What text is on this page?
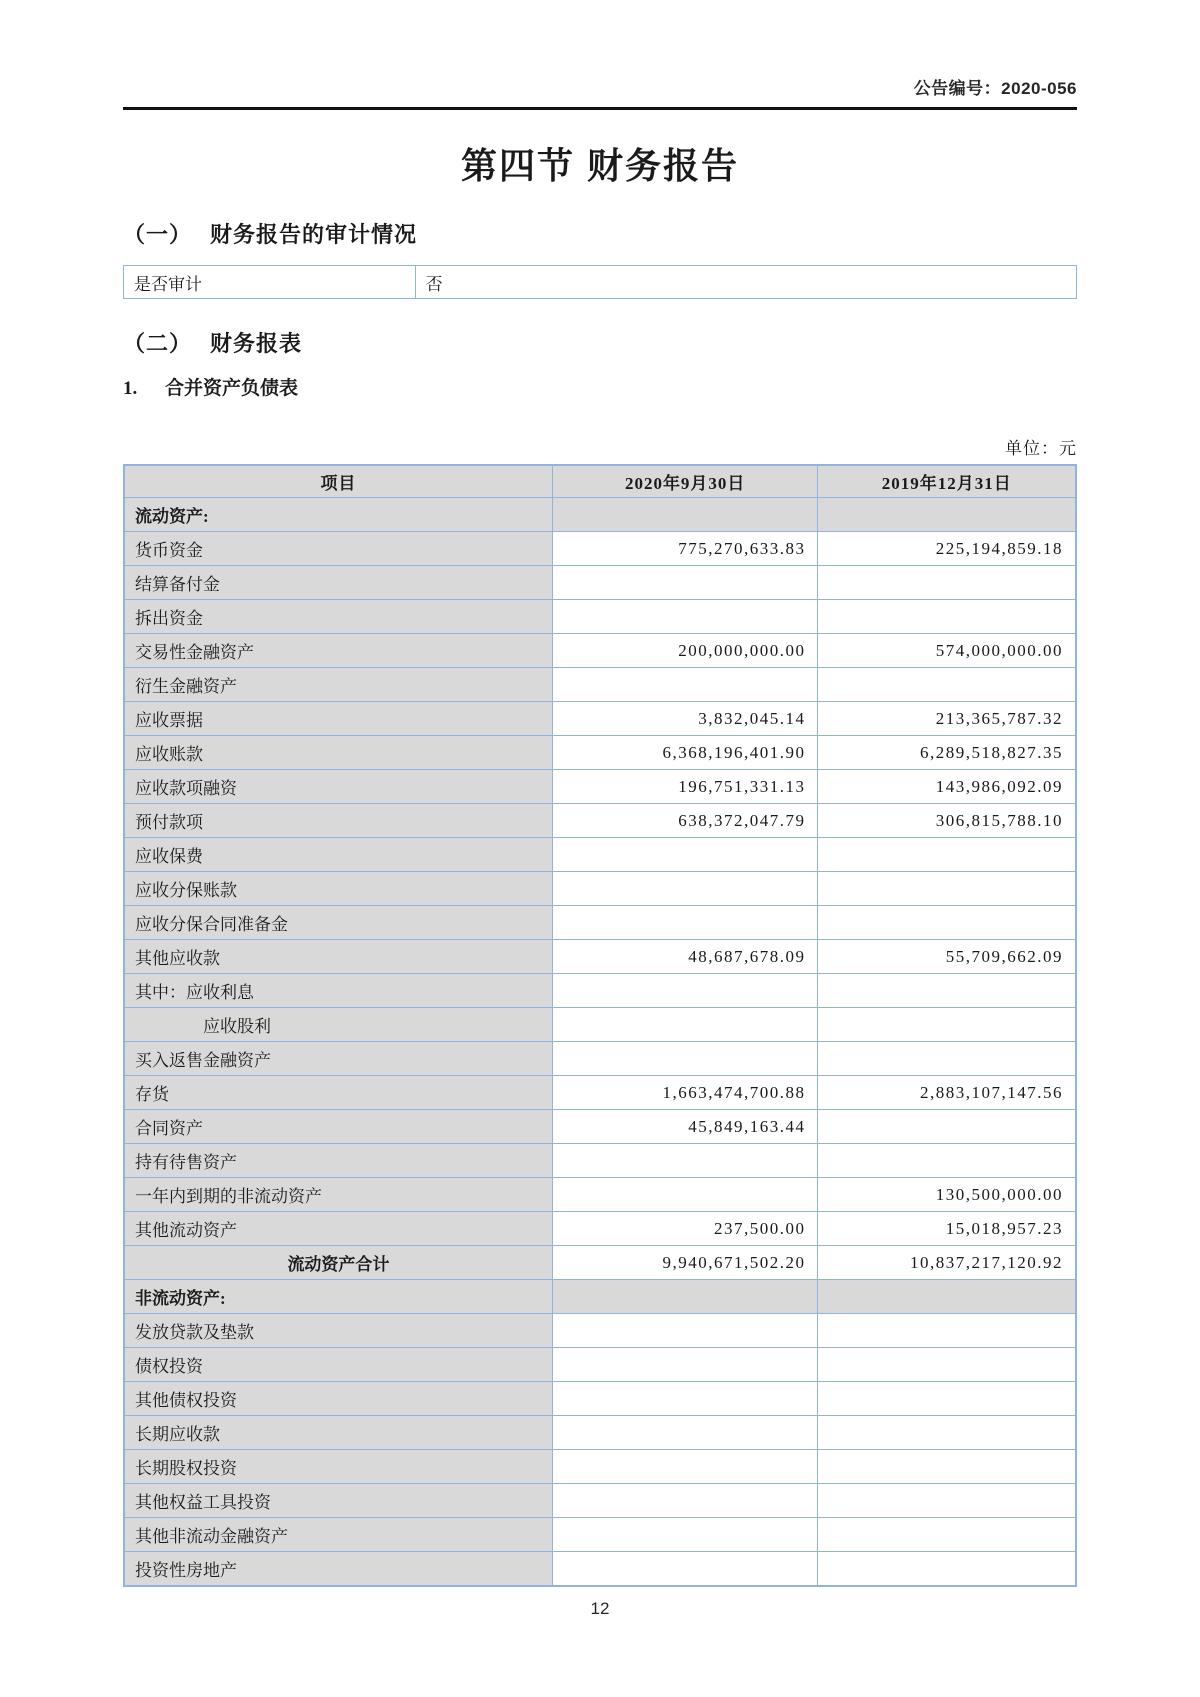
公告编号：2020-056
第四节 财务报告
（一） 财务报告的审计情况
是否审计	否
（二） 财务报表
1. 合并资产负债表
单位：元
项目	2020年9月30日	2019年12月31日
流动资产:		
货币资金	775,270,633.83	225,194,859.18
结算备付金		
拆出资金		
交易性金融资产	200,000,000.00	574,000,000.00
衍生金融资产		
应收票据	3,832,045.14	213,365,787.32
应收账款	6,368,196,401.90	6,289,518,827.35
应收款项融资	196,751,331.13	143,986,092.09
预付款项	638,372,047.79	306,815,788.10
应收保费		
应收分保账款		
应收分保合同准备金		
其他应收款	48,687,678.09	55,709,662.09
其中：应收利息		
应收股利		
买入返售金融资产		
存货	1,663,474,700.88	2,883,107,147.56
合同资产	45,849,163.44	
持有待售资产		
一年内到期的非流动资产		130,500,000.00
其他流动资产	237,500.00	15,018,957.23
流动资产合计	9,940,671,502.20	10,837,217,120.92
非流动资产:		
发放贷款及垫款		
债权投资		
其他债权投资		
长期应收款		
长期股权投资		
其他权益工具投资		
其他非流动金融资产		
投资性房地产		
12
